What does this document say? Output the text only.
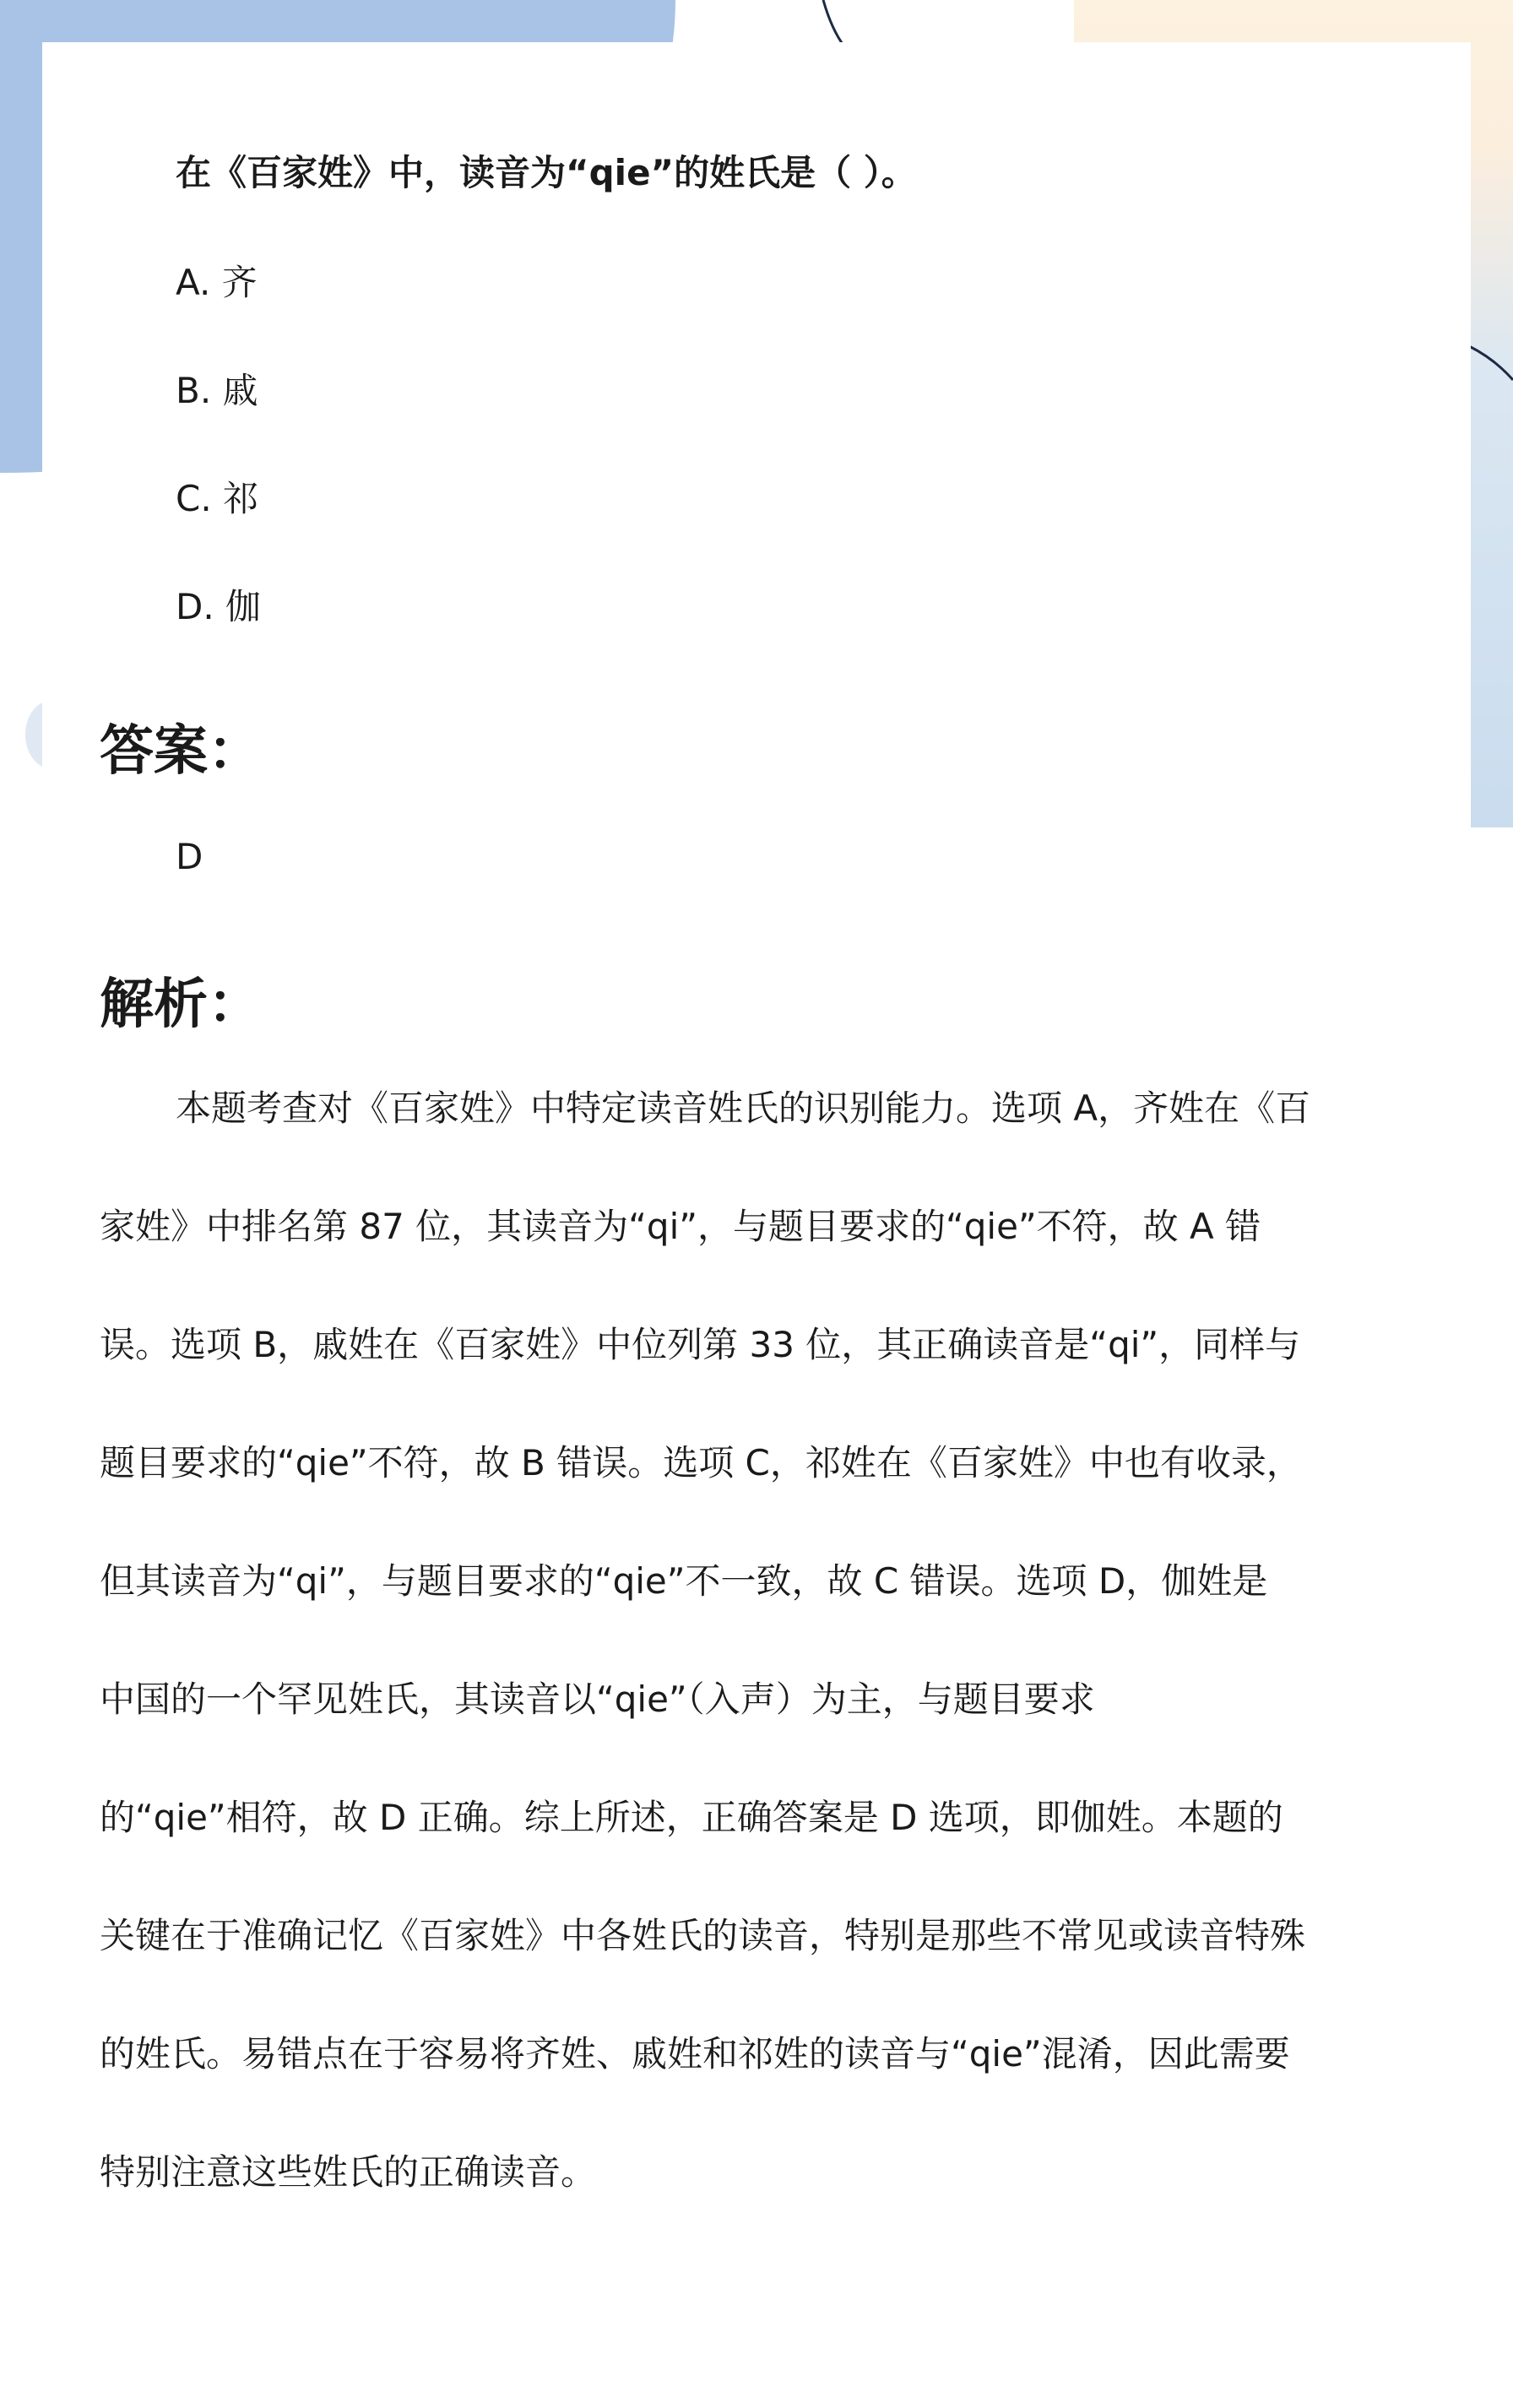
在《百家姓》中，读音为“qie”的姓氏是（ ）。

A. 齐

B. 戚

C. 祁

D. 伽

答案：

D

解析：

本题考查对《百家姓》中特定读音姓氏的识别能力。选项 A，齐姓在《百

家姓》中排名第 87 位，其读音为“qi”，与题目要求的“qie”不符，故 A 错

误。选项 B，戚姓在《百家姓》中位列第 33 位，其正确读音是“qi”，同样与

题目要求的“qie”不符，故 B 错误。选项 C，祁姓在《百家姓》中也有收录，

但其读音为“qi”，与题目要求的“qie”不一致，故 C 错误。选项 D，伽姓是

中国的一个罕见姓氏，其读音以“qie”（入声）为主，与题目要求

的“qie”相符，故 D 正确。综上所述，正确答案是 D 选项，即伽姓。本题的

关键在于准确记忆《百家姓》中各姓氏的读音，特别是那些不常见或读音特殊

的姓氏。易错点在于容易将齐姓、戚姓和祁姓的读音与“qie”混淆，因此需要

特别注意这些姓氏的正确读音。
